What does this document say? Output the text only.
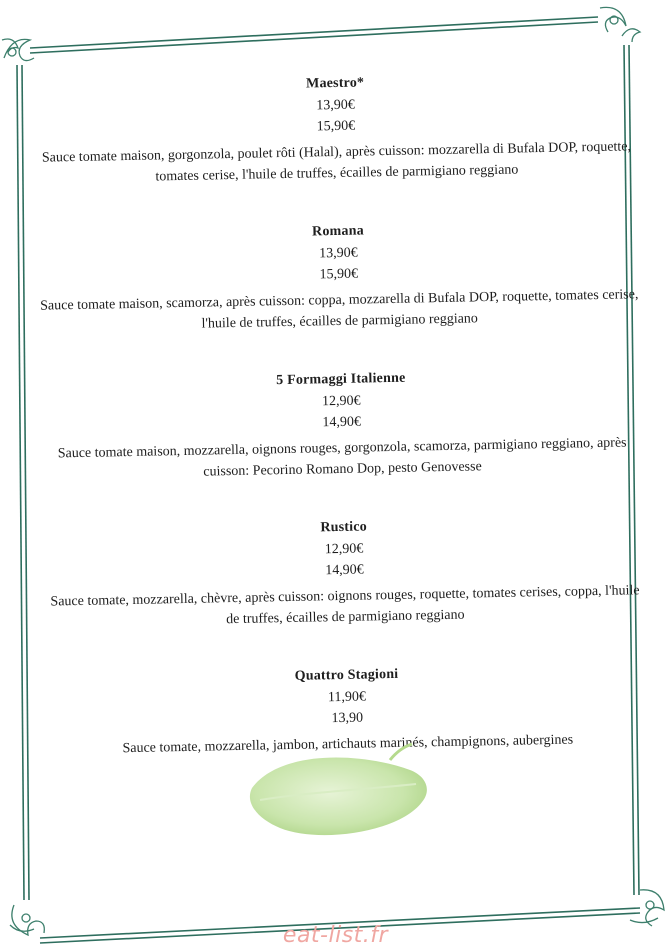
Maestro*
13,90€
15,90€
Sauce tomate maison, gorgonzola, poulet rôti (Halal), après cuisson: mozzarella di Bufala DOP, roquette, tomates cerise, l'huile de truffes, écailles de parmigiano reggiano
Romana
13,90€
15,90€
Sauce tomate maison, scamorza, après cuisson: coppa, mozzarella di Bufala DOP, roquette, tomates cerise, l'huile de truffes, écailles de parmigiano reggiano
5 Formaggi Italienne
12,90€
14,90€
Sauce tomate maison, mozzarella, oignons rouges, gorgonzola, scamorza, parmigiano reggiano, après cuisson: Pecorino Romano Dop, pesto Genovesse
Rustico
12,90€
14,90€
Sauce tomate, mozzarella, chèvre, après cuisson: oignons rouges, roquette, tomates cerises, coppa, l'huile de truffes, écailles de parmigiano reggiano
Quattro Stagioni
11,90€
13,90
Sauce tomate, mozzarella, jambon, artichauts marinés, champignons, aubergines
eat-list.fr
